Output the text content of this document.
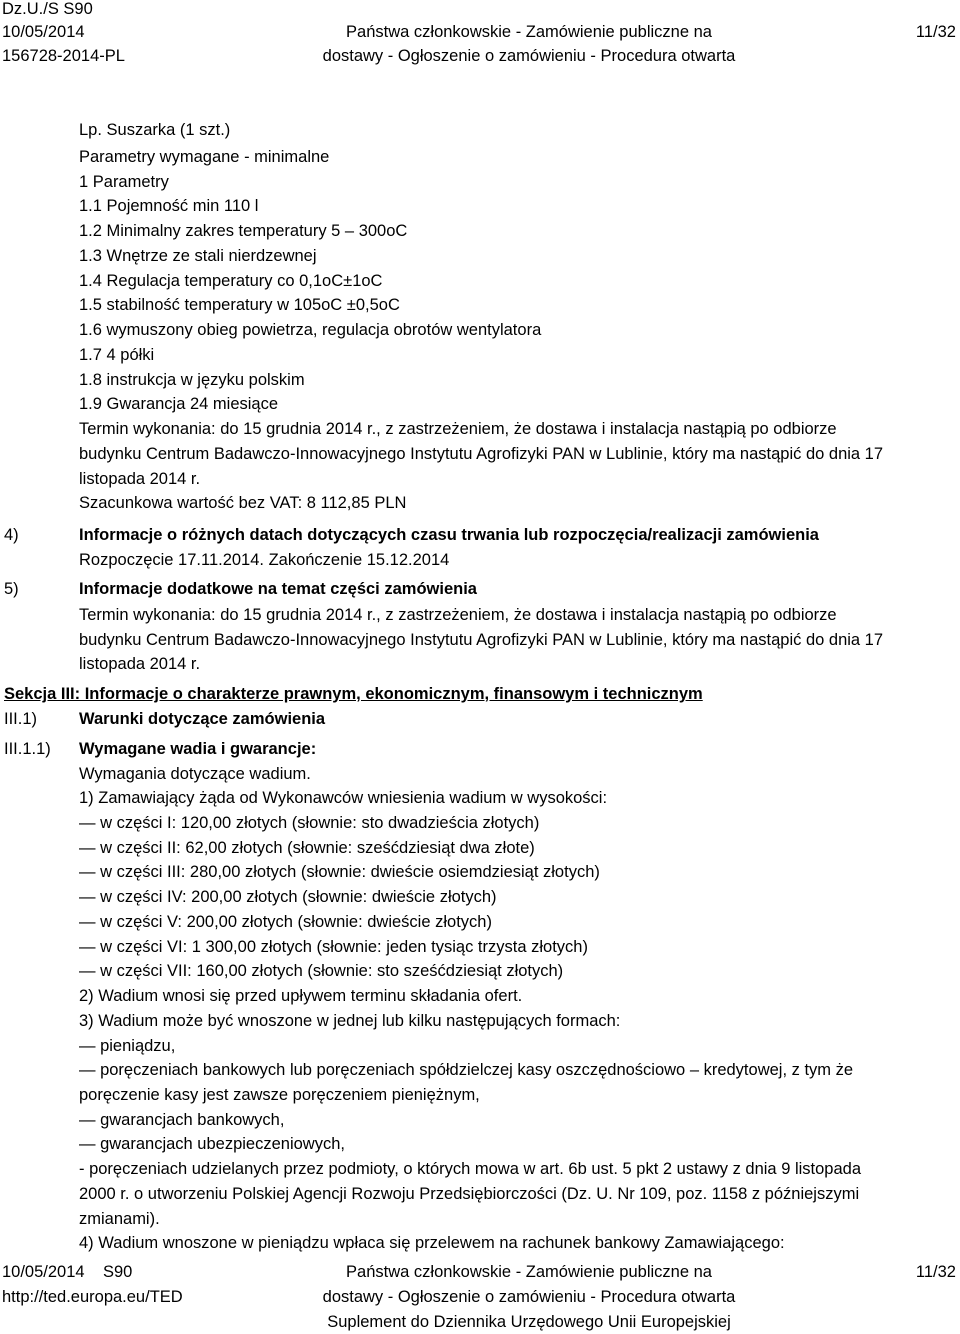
Dz.U./S S90
10/05/2014
156728-2014-PL
Państwa członkowskie - Zamówienie publiczne na
dostawy - Ogłoszenie o zamówieniu - Procedura otwarta
11/32
Lp. Suszarka (1 szt.)
Parametry wymagane - minimalne
1 Parametry
1.1 Pojemność min 110 l
1.2 Minimalny zakres temperatury 5 – 300oC
1.3 Wnętrze ze stali nierdzewnej
1.4 Regulacja temperatury co 0,1oC±1oC
1.5 stabilność temperatury w 105oC ±0,5oC
1.6 wymuszony obieg powietrza, regulacja obrotów wentylatora
1.7 4 półki
1.8 instrukcja w języku polskim
1.9 Gwarancja 24 miesiące
Termin wykonania: do 15 grudnia 2014 r., z zastrzeżeniem, że dostawa i instalacja nastąpią po odbiorze
budynku Centrum Badawczo-Innowacyjnego Instytutu Agrofizyki PAN w Lublinie, który ma nastąpić do dnia 17
listopada 2014 r.
Szacunkowa wartość bez VAT: 8 112,85 PLN
4)	Informacje o różnych datach dotyczących czasu trwania lub rozpoczęcia/realizacji zamówienia
Rozpoczęcie 17.11.2014. Zakończenie 15.12.2014
5)	Informacje dodatkowe na temat części zamówienia
Termin wykonania: do 15 grudnia 2014 r., z zastrzeżeniem, że dostawa i instalacja nastąpią po odbiorze
budynku Centrum Badawczo-Innowacyjnego Instytutu Agrofizyki PAN w Lublinie, który ma nastąpić do dnia 17
listopada 2014 r.
Sekcja III: Informacje o charakterze prawnym, ekonomicznym, finansowym i technicznym
III.1)	Warunki dotyczące zamówienia
III.1.1) Wymagane wadia i gwarancje:
Wymagania dotyczące wadium.
1) Zamawiający żąda od Wykonawców wniesienia wadium w wysokości:
— w części I: 120,00 złotych (słownie: sto dwadzieścia złotych)
— w części II: 62,00 złotych (słownie: sześćdziesiąt dwa złote)
— w części III: 280,00 złotych (słownie: dwieście osiemdziesiąt złotych)
— w części IV: 200,00 złotych (słownie: dwieście złotych)
— w części V: 200,00 złotych (słownie: dwieście złotych)
— w części VI: 1 300,00 złotych (słownie: jeden tysiąc trzysta złotych)
— w części VII: 160,00 złotych (słownie: sto sześćdziesiąt złotych)
2) Wadium wnosi się przed upływem terminu składania ofert.
3) Wadium może być wnoszone w jednej lub kilku następujących formach:
— pieniądzu,
— poręczeniach bankowych lub poręczeniach spółdzielczej kasy oszczędnościowo – kredytowej, z tym że
poręczenie kasy jest zawsze poręczeniem pieniężnym,
— gwarancjach bankowych,
— gwarancjach ubezpieczeniowych,
- poręczeniach udzielanych przez podmioty, o których mowa w art. 6b ust. 5 pkt 2 ustawy z dnia 9 listopada
2000 r. o utworzeniu Polskiej Agencji Rozwoju Przedsiębiorczości (Dz. U. Nr 109, poz. 1158 z późniejszymi
zmianami).
4) Wadium wnoszone w pieniądzu wpłaca się przelewem na rachunek bankowy Zamawiającego:
10/05/2014 S90
http://ted.europa.eu/TED
Państwa członkowskie - Zamówienie publiczne na
dostawy - Ogłoszenie o zamówieniu - Procedura otwarta
Suplement do Dziennika Urzędowego Unii Europejskiej
11/32
